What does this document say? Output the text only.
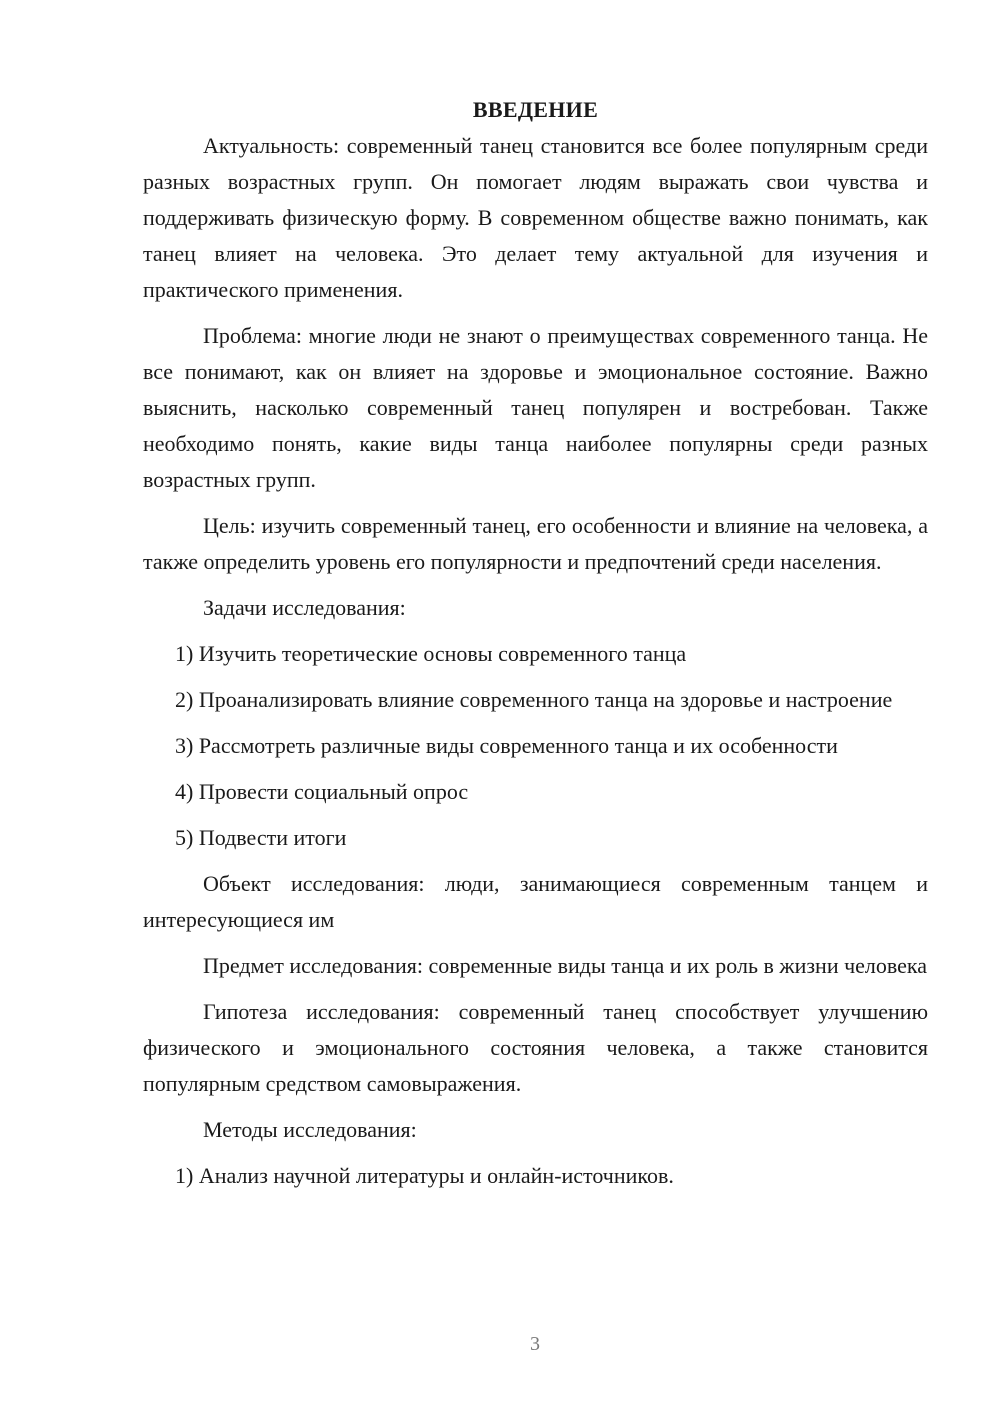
ВВЕДЕНИЕ

Актуальность: современный танец становится все более популярным среди разных возрастных групп. Он помогает людям выражать свои чувства и поддерживать физическую форму. В современном обществе важно понимать, как танец влияет на человека. Это делает тему актуальной для изучения и практического применения.

Проблема: многие люди не знают о преимуществах современного танца. Не все понимают, как он влияет на здоровье и эмоциональное состояние. Важно выяснить, насколько современный танец популярен и востребован. Также необходимо понять, какие виды танца наиболее популярны среди разных возрастных групп.

Цель: изучить современный танец, его особенности и влияние на человека, а также определить уровень его популярности и предпочтений среди населения.

Задачи исследования:

1) Изучить теоретические основы современного танца

2) Проанализировать влияние современного танца на здоровье и настроение

3) Рассмотреть различные виды современного танца и их особенности

4) Провести социальный опрос

5) Подвести итоги

Объект исследования: люди, занимающиеся современным танцем и интересующиеся им

Предмет исследования: современные виды танца и их роль в жизни человека

Гипотеза исследования: современный танец способствует улучшению физического и эмоционального состояния человека, а также становится популярным средством самовыражения.

Методы исследования:

1) Анализ научной литературы и онлайн-источников.

3
